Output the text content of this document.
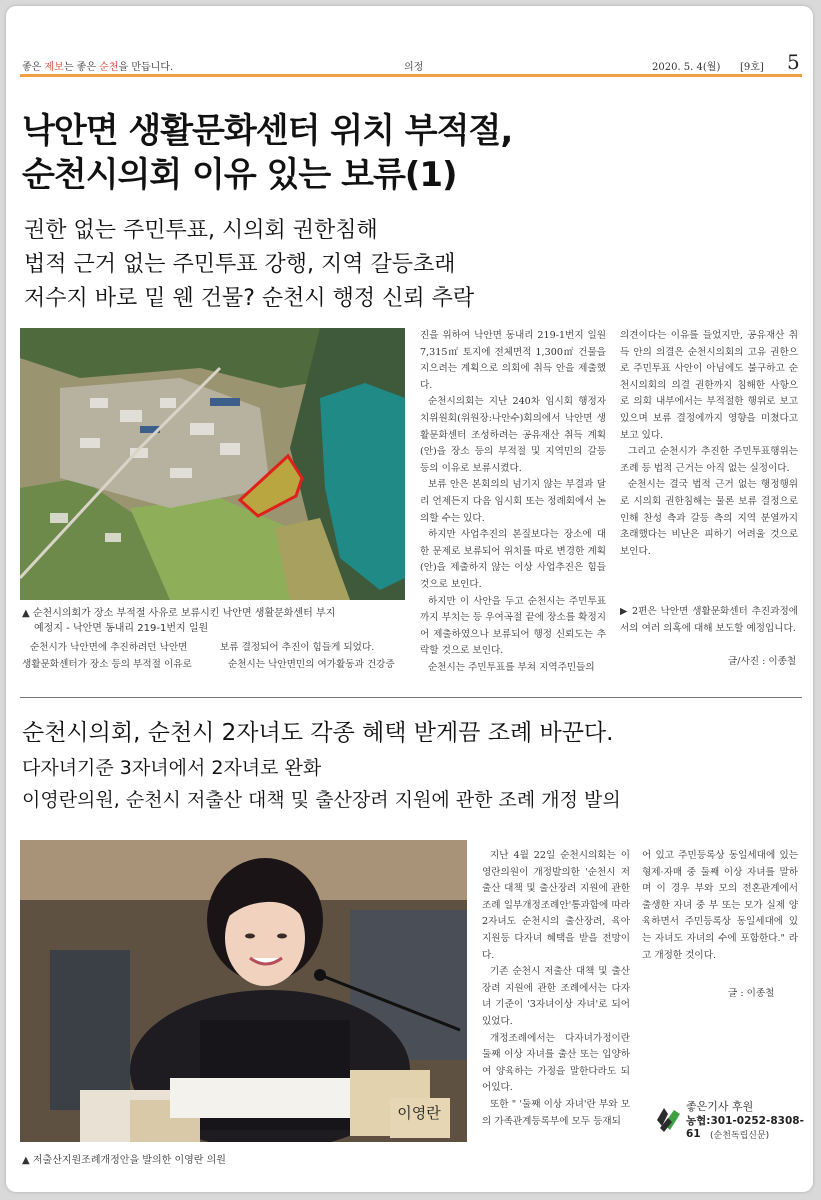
좋은 제보는 좋은 순천을 만듭니다.	의정	2020. 5. 4(월) [9호] 5
낙안면 생활문화센터 위치 부적절,
순천시의회 이유 있는 보류(1)
권한 없는 주민투표, 시의회 권한침해
법적 근거 없는 주민투표 강행, 지역 갈등초래
저수지 바로 밑 웬 건물? 순천시 행정 신뢰 추락
▲ 순천시의회가 장소 부적절 사유로 보류시킨 낙안면 생활문화센터 부지
예정지 - 낙안면 동내리 219-1번지 일원

순천시가 낙안면에 추진하려던 낙안면

생활문화센터가 장소 등의 부적절 이유로

보류 결정되어 추진이 힘들게 되었다.

순천시는 낙안면민의 여가활동과 건강증

진을 위하여 낙안면 동내리 219-1번지 일원 7,315㎡ 토지에 전체면적 1,300㎡ 건물을 지으려는 계획으로 의회에 취득 안을 제출했다.

순천시의회는 지난 240차 임시회 행정자치위원회(위원장:나안수)회의에서 낙안면 생활문화센터 조성하려는 공유재산 취득 계획(안)을 장소 등의 부적절 및 지역민의 갈등 등의 이유로 보류시켰다.

보류 안은 본회의의 넘기지 않는 부결과 달리 언제든지 다음 임시회 또는 정례회에서 논의할 수는 있다.

하지만 사업추진의 본질보다는 장소에 대한 문제로 보류되어 위치를 따로 변경한 계획(안)을 제출하지 않는 이상 사업추진은 힘들 것으로 보인다.

하지만 이 사안을 두고 순천시는 주민투표까지 부치는 등 우여곡절 끝에 장소를 확정지어 제출하였으나 보류되어 행정 신뢰도는 추락할 것으로 보인다.

순천시는 주민투표를 부쳐 지역주민들의

의견이다는 이유를 들었지만, 공유재산 취득 안의 의결은 순천시의회의 고유 권한으로 주민투표 사안이 아님에도 불구하고 순천시의회의 의결 권한까지 침해한 사항으로 의회 내부에서는 부적절한 행위로 보고 있으며 보류 결정에까지 영향을 미쳤다고 보고 있다.

그리고 순천시가 추진한 주민투표행위는 조례 등 법적 근거는 아직 없는 실정이다.

순천시는 결국 법적 근거 없는 행정행위로 시의회 권한침해는 물론 보류 결정으로 인해 찬성 측과 갈등 측의 지역 분열까지 초래했다는 비난은 피하기 어려울 것으로 보인다.

▶ 2편은 낙안면 생활문화센터 추진과정에서의 여러 의혹에 대해 보도할 예정입니다.
글/사진 : 이종철
순천시의회, 순천시 2자녀도 각종 혜택 받게끔 조례 바꾼다.
다자녀기준 3자녀에서 2자녀로 완화
이영란의원, 순천시 저출산 대책 및 출산장려 지원에 관한 조례 개정 발의
이영란
▲ 저출산지원조례개정안을 발의한 이영란 의원

지난 4월 22일 순천시의회는 이영란의원이 개정발의한 '순천시 저출산 대책 및 출산장려 지원에 관한 조례 일부개정조례안'통과함에 따라 2자녀도 순천시의 출산장려, 육아지원등 다자녀 혜택을 받을 전망이다.

기존 순천시 저출산 대책 및 출산장려 지원에 관한 조례에서는 다자녀 기준이 '3자녀이상 자녀'로 되어 있었다.

개정조례에서는 다자녀가정이란 둘째 이상 자녀를 출산 또는 입양하여 양육하는 가정을 말한다라도 되어있다.

또한 " '둘째 이상 자녀'란 부와 모의 가족관계등록부에 모두 등재되

어 있고 주민등록상 동일세대에 있는 형제·자매 중 둘째 이상 자녀를 말하며 이 경우 부와 모의 전혼관계에서 출생한 자녀 중 부 또는 모가 실제 양육하면서 주민등록상 동일세대에 있는 자녀도 자녀의 수에 포함한다." 라고 개정한 것이다.

글 : 이종철
좋은기사 후원
농협:301-0252-8308-61	(순천독립신문)
